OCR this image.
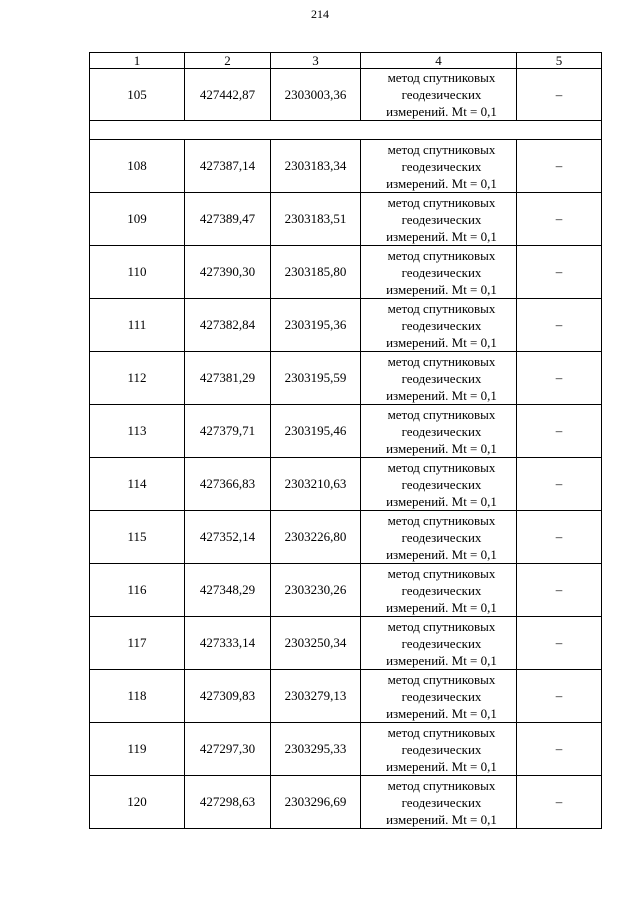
214
1	2	3	4	5
105	427442,87	2303003,36	метод спутниковых
геодезических
измерений. Mt = 0,1	–

108	427387,14	2303183,34	метод спутниковых
геодезических
измерений. Mt = 0,1	–
109	427389,47	2303183,51	метод спутниковых
геодезических
измерений. Mt = 0,1	–
110	427390,30	2303185,80	метод спутниковых
геодезических
измерений. Mt = 0,1	–
111	427382,84	2303195,36	метод спутниковых
геодезических
измерений. Mt = 0,1	–
112	427381,29	2303195,59	метод спутниковых
геодезических
измерений. Mt = 0,1	–
113	427379,71	2303195,46	метод спутниковых
геодезических
измерений. Mt = 0,1	–
114	427366,83	2303210,63	метод спутниковых
геодезических
измерений. Mt = 0,1	–
115	427352,14	2303226,80	метод спутниковых
геодезических
измерений. Mt = 0,1	–
116	427348,29	2303230,26	метод спутниковых
геодезических
измерений. Mt = 0,1	–
117	427333,14	2303250,34	метод спутниковых
геодезических
измерений. Mt = 0,1	–
118	427309,83	2303279,13	метод спутниковых
геодезических
измерений. Mt = 0,1	–
119	427297,30	2303295,33	метод спутниковых
геодезических
измерений. Mt = 0,1	–
120	427298,63	2303296,69	метод спутниковых
геодезических
измерений. Mt = 0,1	–
